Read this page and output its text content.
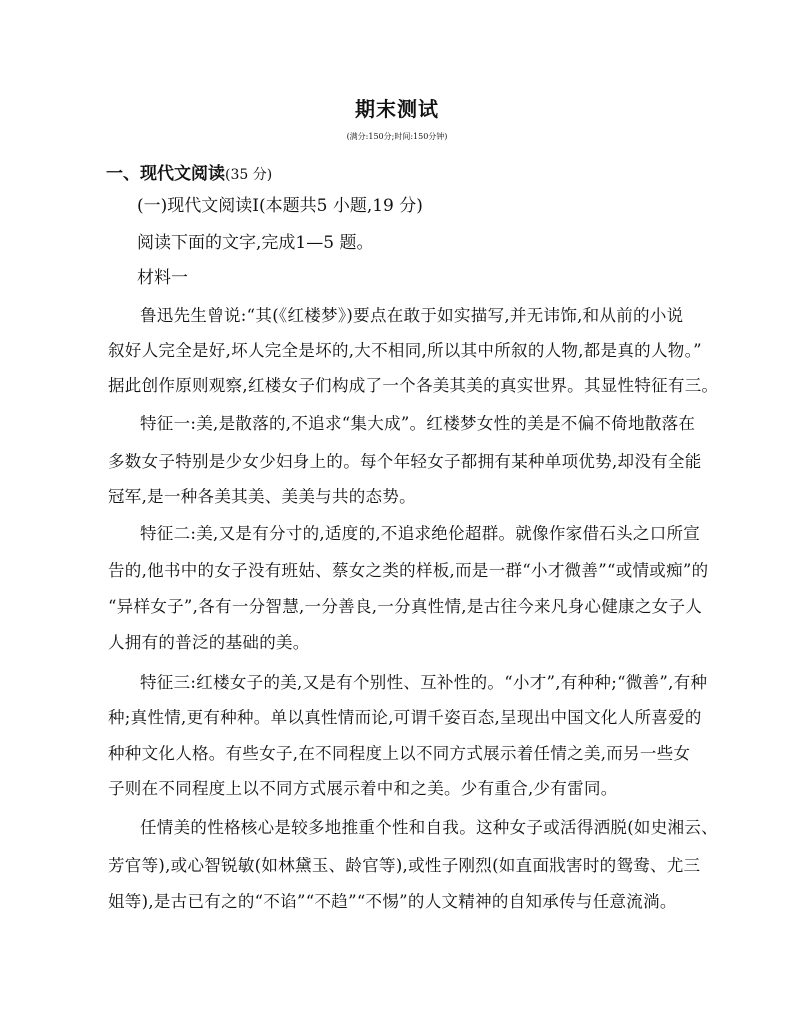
期末测试

(满分:150分;时间:150分钟)

一、现代文阅读(35 分)

(一)现代文阅读Ⅰ(本题共5 小题,19 分)

阅读下面的文字,完成1—5 题。

材料一

鲁迅先生曾说:“其(《红楼梦》)要点在敢于如实描写,并无讳饰,和从前的小说

叙好人完全是好,坏人完全是坏的,大不相同,所以其中所叙的人物,都是真的人物。”

据此创作原则观察,红楼女子们构成了一个各美其美的真实世界。其显性特征有三。

特征一:美,是散落的,不追求“集大成”。红楼梦女性的美是不偏不倚地散落在

多数女子特别是少女少妇身上的。每个年轻女子都拥有某种单项优势,却没有全能

冠军,是一种各美其美、美美与共的态势。

特征二:美,又是有分寸的,适度的,不追求绝伦超群。就像作家借石头之口所宣

告的,他书中的女子没有班姑、蔡女之类的样板,而是一群“小才微善”“或情或痴”的

“异样女子”,各有一分智慧,一分善良,一分真性情,是古往今来凡身心健康之女子人

人拥有的普泛的基础的美。

特征三:红楼女子的美,又是有个别性、互补性的。“小才”,有种种;“微善”,有种

种;真性情,更有种种。单以真性情而论,可谓千姿百态,呈现出中国文化人所喜爱的

种种文化人格。有些女子,在不同程度上以不同方式展示着任情之美,而另一些女

子则在不同程度上以不同方式展示着中和之美。少有重合,少有雷同。

任情美的性格核心是较多地推重个性和自我。这种女子或活得洒脱(如史湘云、

芳官等),或心智锐敏(如林黛玉、龄官等),或性子刚烈(如直面戕害时的鸳鸯、尤三

姐等),是古已有之的“不谄”“不趋”“不惕”的人文精神的自知承传与任意流淌。
